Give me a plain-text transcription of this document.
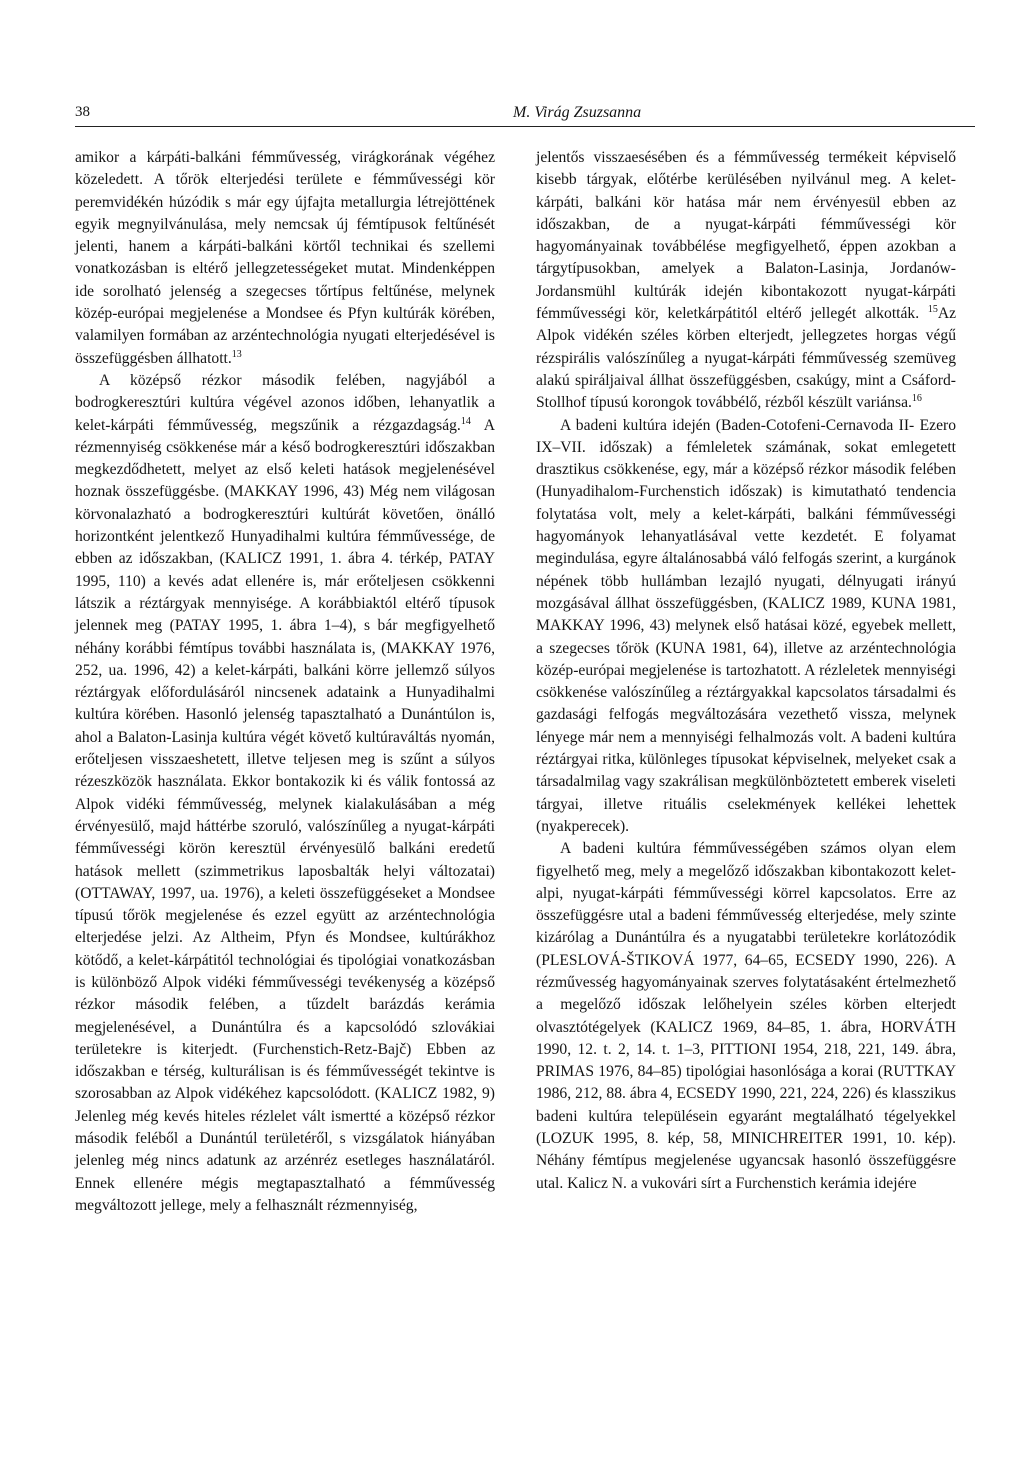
38	M. Virág Zsuzsanna

amikor a kárpáti-balkáni fémművesség, virágkorának végéhez közeledett. A tőrök elterjedési területe e fémművességi kör peremvidékén húzódik s már egy újfajta metallurgia létrejöttének egyik megnyilvánulása, mely nemcsak új fémtípusok feltűnését jelenti, hanem a kárpáti-balkáni körtől technikai és szellemi vonatkozásban is eltérő jellegzetességeket mutat. Mindenképpen ide sorolható jelenség a szegecses tőrtípus feltűnése, melynek közép-európai megjelenése a Mondsee és Pfyn kultúrák körében, valamilyen formában az arzéntechnológia nyugati elterjedésével is összefüggésben állhatott.$^{13}$

A középső rézkor második felében, nagyjából a bodrogkeresztúri kultúra végével azonos időben, lehanyatlik a kelet-kárpáti fémművesség, megszűnik a rézgazdagság.$^{14}$ A rézmennyiség csökkenése már a késő bodrogkeresztúri időszakban megkezdődhetett, melyet az első keleti hatások megjelenésével hoznak összefüggésbe. (MAKKAY 1996, 43) Még nem világosan körvonalazható a bodrogkeresztúri kultúrát követően, önálló horizontként jelentkező Hunyadihalmi kultúra fémművessége, de ebben az időszakban, (KALICZ 1991, 1. ábra 4. térkép, PATAY 1995, 110) a kevés adat ellenére is, már erőteljesen csökkenni látszik a réztárgyak mennyisége. A korábbiaktól eltérő típusok jelennek meg (PATAY 1995, 1. ábra 1–4), s bár megfigyelhető néhány korábbi fémtípus további használata is, (MAKKAY 1976, 252, ua. 1996, 42) a kelet-kárpáti, balkáni körre jellemző súlyos réztárgyak előfordulásáról nincsenek adataink a Hunyadihalmi kultúra körében. Hasonló jelenség tapasztalható a Dunántúlon is, ahol a Balaton-Lasinja kultúra végét követő kultúraváltás nyomán, erőteljesen visszaeshetett, illetve teljesen meg is szűnt a súlyos rézeszközök használata. Ekkor bontakozik ki és válik fontossá az Alpok vidéki fémművesség, melynek kialakulásában a még érvényesülő, majd háttérbe szoruló, valószínűleg a nyugat-kárpáti fémművességi körön keresztül érvényesülő balkáni eredetű hatások mellett (szimmetrikus laposbalták helyi változatai) (OTTAWAY, 1997, ua. 1976), a keleti összefüggéseket a Mondsee típusú tőrök megjelenése és ezzel együtt az arzéntechnológia elterjedése jelzi. Az Altheim, Pfyn és Mondsee, kultúrákhoz kötődő, a kelet-kárpátitól technológiai és tipológiai vonatkozásban is különböző Alpok vidéki fémművességi tevékenység a középső rézkor második felében, a tűzdelt barázdás kerámia megjelenésével, a Dunántúlra és a kapcsolódó szlovákiai területekre is kiterjedt. (Furchenstich-Retz-Bajč) Ebben az időszakban e térség, kulturálisan is és fémművességét tekintve is szorosabban az Alpok vidékéhez kapcsolódott. (KALICZ 1982, 9) Jelenleg még kevés hiteles rézlelet vált ismertté a középső rézkor második feléből a Dunántúl területéről, s vizsgálatok hiányában jelenleg még nincs adatunk az arzénréz esetleges használatáról. Ennek ellenére mégis megtapasztalható a fémművesség megváltozott jellege, mely a felhasznált rézmennyiség,

jelentős visszaesésében és a fémművesség termékeit képviselő kisebb tárgyak, előtérbe kerülésében nyilvánul meg. A kelet-kárpáti, balkáni kör hatása már nem érvényesül ebben az időszakban, de a nyugat-kárpáti fémművességi kör hagyományainak továbbélése megfigyelhető, éppen azokban a tárgytípusokban, amelyek a Balaton-Lasinja, Jordanów-Jordansmühl kultúrák idején kibontakozott nyugat-kárpáti fémművességi kör, keletkárpátitól eltérő jellegét alkották. $^{15}$Az Alpok vidékén széles körben elterjedt, jellegzetes horgas végű rézspirális valószínűleg a nyugat-kárpáti fémművesség szemüveg alakú spiráljaival állhat összefüggésben, csakúgy, mint a Csáford-Stollhof típusú korongok továbbélő, rézből készült variánsa.$^{16}$

A badeni kultúra idején (Baden-Cotofeni-Cernavoda II- Ezero IX–VII. időszak) a fémleletek számának, sokat emlegetett drasztikus csökkenése, egy, már a középső rézkor második felében (Hunyadihalom-Furchenstich időszak) is kimutatható tendencia folytatása volt, mely a kelet-kárpáti, balkáni fémművességi hagyományok lehanyatlásával vette kezdetét. E folyamat megindulása, egyre általánosabbá váló felfogás szerint, a kurgánok népének több hullámban lezajló nyugati, délnyugati irányú mozgásával állhat összefüggésben, (KALICZ 1989, KUNA 1981, MAKKAY 1996, 43) melynek első hatásai közé, egyebek mellett, a szegecses tőrök (KUNA 1981, 64), illetve az arzéntechnológia közép-európai megjelenése is tartozhatott. A rézleletek mennyiségi csökkenése valószínűleg a réztárgyakkal kapcsolatos társadalmi és gazdasági felfogás megváltozására vezethető vissza, melynek lényege már nem a mennyiségi felhalmozás volt. A badeni kultúra réztárgyai ritka, különleges típusokat képviselnek, melyeket csak a társadalmilag vagy szakrálisan megkülönböztetett emberek viseleti tárgyai, illetve rituális cselekmények kellékei lehettek (nyakperecek).

A badeni kultúra fémművességében számos olyan elem figyelhető meg, mely a megelőző időszakban kibontakozott kelet-alpi, nyugat-kárpáti fémművességi körrel kapcsolatos. Erre az összefüggésre utal a badeni fémművesség elterjedése, mely szinte kizárólag a Dunántúlra és a nyugatabbi területekre korlátozódik (PLESLOVÁ-ŠTIKOVÁ 1977, 64–65, ECSEDY 1990, 226). A rézművesség hagyományainak szerves folytatásaként értelmezhető a megelőző időszak lelőhelyein széles körben elterjedt olvasztótégelyek (KALICZ 1969, 84–85, 1. ábra, HORVÁTH 1990, 12. t. 2, 14. t. 1–3, PITTIONI 1954, 218, 221, 149. ábra, PRIMAS 1976, 84–85) tipológiai hasonlósága a korai (RUTTKAY 1986, 212, 88. ábra 4, ECSEDY 1990, 221, 224, 226) és klasszikus badeni kultúra településein egyaránt megtalálható tégelyekkel (LOZUK 1995, 8. kép, 58, MINICHREITER 1991, 10. kép). Néhány fémtípus megjelenése ugyancsak hasonló összefüggésre utal. Kalicz N. a vukovári sírt a Furchenstich kerámia idejére
